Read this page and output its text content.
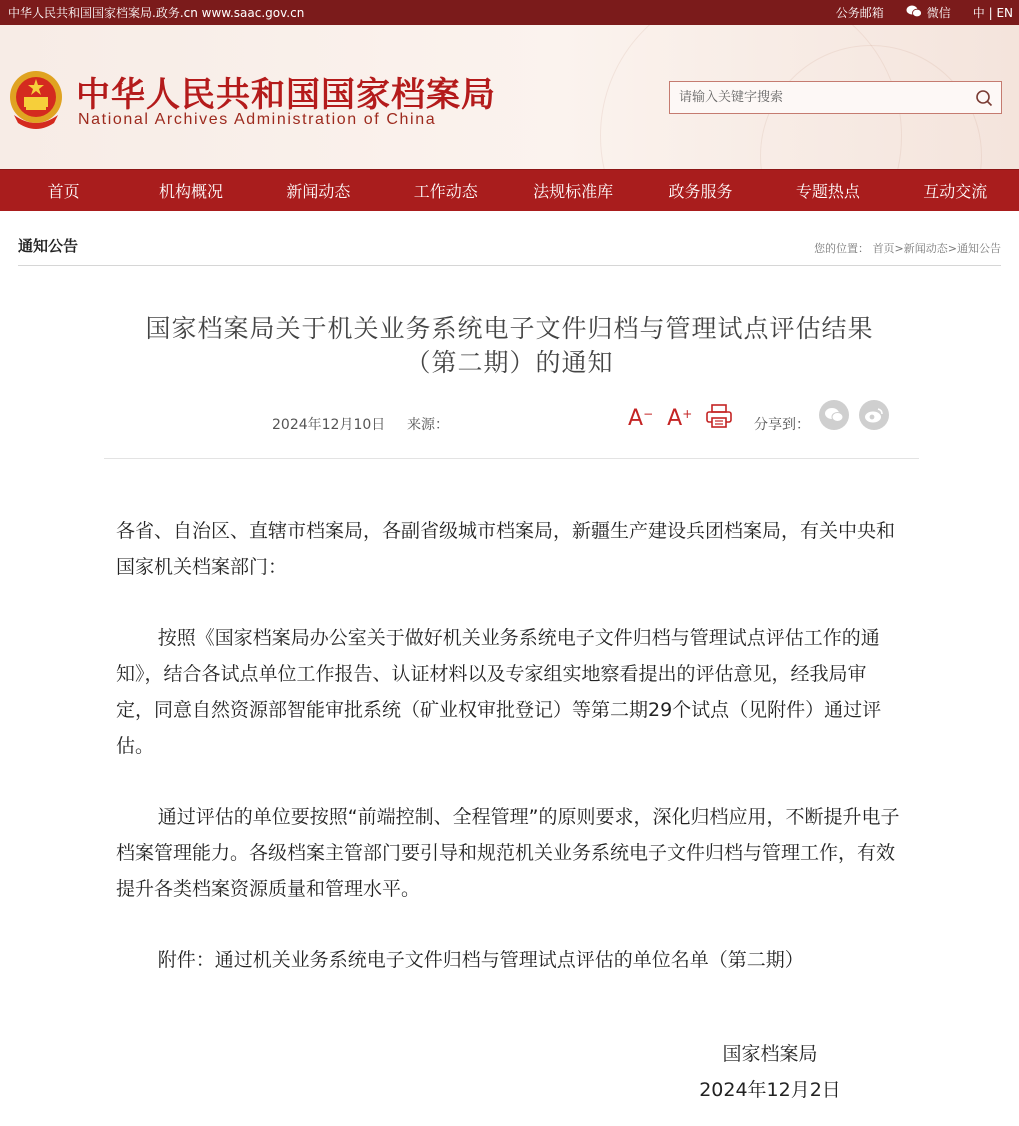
中华人民共和国国家档案局.政务.cn www.saac.gov.cn	公务邮箱	微信 中 | EN
中华人民共和国国家档案局
National Archives Administration of China
请输入关键字搜索
首页	机构概况	新闻动态	工作动态	法规标准库	政务服务	专题热点	互动交流
通知公告	您的位置： 首页>新闻动态>通知公告
国家档案局关于机关业务系统电子文件归档与管理试点评估结果
（第二期）的通知
2024年12月10日 来源：	A− A+
分享到：

各省、自治区、直辖市档案局，各副省级城市档案局，新疆生产建设兵团档案局，有关中央和国家机关档案部门：

按照《国家档案局办公室关于做好机关业务系统电子文件归档与管理试点评估工作的通知》，结合各试点单位工作报告、认证材料以及专家组实地察看提出的评估意见，经我局审定，同意自然资源部智能审批系统（矿业权审批登记）等第二期29个试点（见附件）通过评估。

通过评估的单位要按照“前端控制、全程管理”的原则要求，深化归档应用，不断提升电子档案管理能力。各级档案主管部门要引导和规范机关业务系统电子文件归档与管理工作，有效提升各类档案资源质量和管理水平。

附件：通过机关业务系统电子文件归档与管理试点评估的单位名单（第二期）

国家档案局
2024年12月2日
